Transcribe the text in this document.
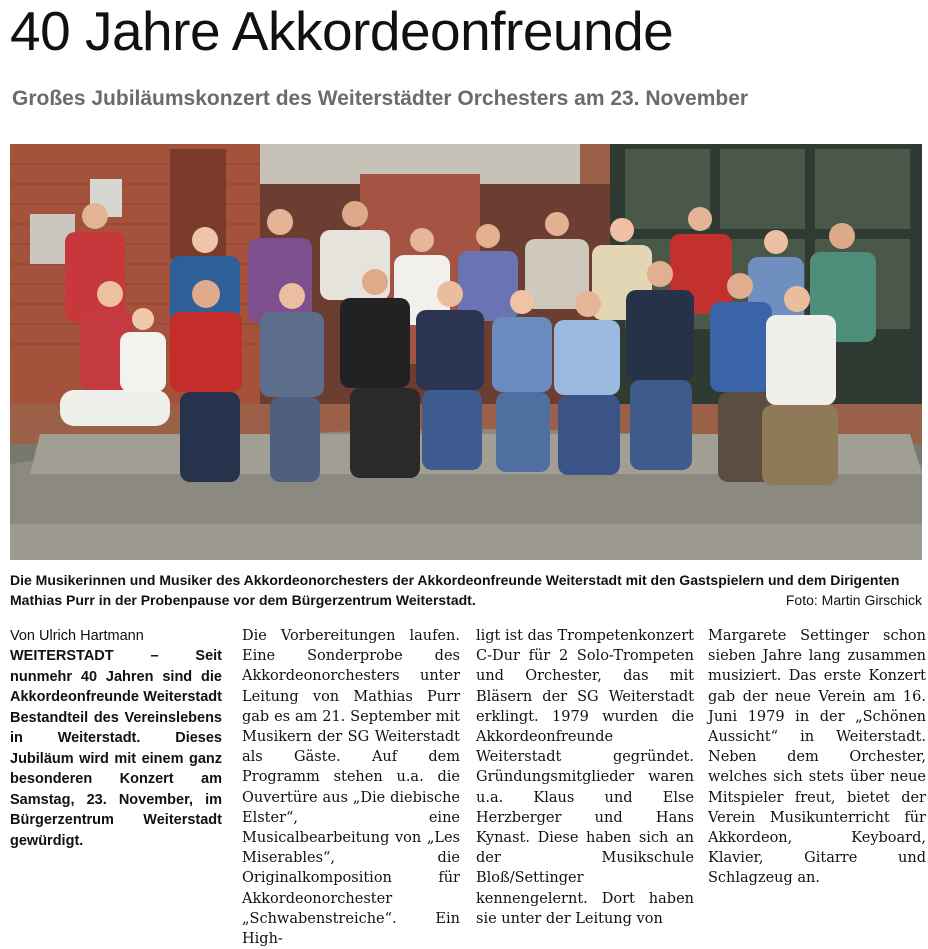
40 Jahre Akkordeonfreunde
Großes Jubiläumskonzert des Weiterstädter Orchesters am 23. November
Die Musikerinnen und Musiker des Akkordeonorchesters der Akkordeonfreunde Weiterstadt mit den Gastspielern und dem Dirigenten Mathias Purr in der Probenpause vor dem Bürgerzentrum Weiterstadt.	Foto: Martin Girschick

Von Ulrich Hartmann

WEITERSTADT – Seit nunmehr 40 Jahren sind die Akkordeonfreunde Weiterstadt Bestandteil des Vereinslebens in Weiterstadt. Dieses Jubiläum wird mit einem ganz besonderen Konzert am Samstag, 23. November, im Bürgerzentrum Weiterstadt gewürdigt.

Die Vorbereitungen laufen. Eine Sonderprobe des Akkordeonorchesters unter Leitung von Mathias Purr gab es am 21. September mit Musikern der SG Weiterstadt als Gäste. Auf dem Programm stehen u.a. die Ouvertüre aus „Die diebische Elster“, eine Musicalbearbeitung von „Les Miserables“, die Originalkomposition für Akkordeonorchester „Schwabenstreiche“. Ein High-

ligt ist das Trompetenkonzert C-Dur für 2 Solo-Trompeten und Orchester, das mit Bläsern der SG Weiterstadt erklingt. 1979 wurden die Akkordeonfreunde Weiterstadt gegründet. Gründungsmitglieder waren u.a. Klaus und Else Herzberger und Hans Kynast. Diese haben sich an der Musikschule Bloß/Settinger kennengelernt. Dort haben sie unter der Leitung von

Margarete Settinger schon sieben Jahre lang zusammen musiziert. Das erste Konzert gab der neue Verein am 16. Juni 1979 in der „Schönen Aussicht“ in Weiterstadt. Neben dem Orchester, welches sich stets über neue Mitspieler freut, bietet der Verein Musikunterricht für Akkordeon, Keyboard, Klavier, Gitarre und Schlagzeug an.
